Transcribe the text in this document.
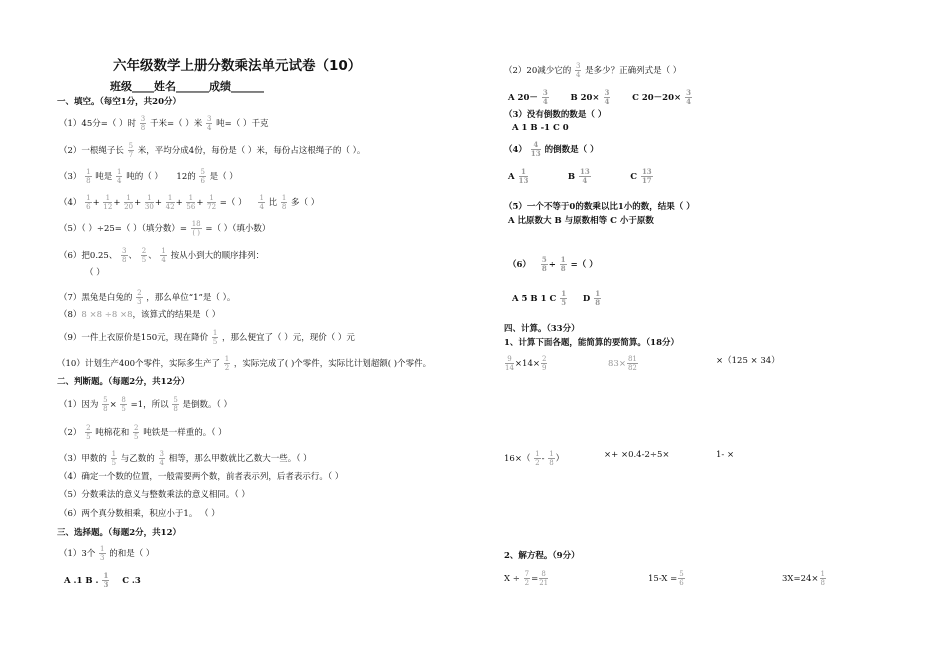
六年级数学上册分数乘法单元试卷（10）
班级____姓名______成绩______
一、填空。（每空1分，共20分）
（1）45分=（ ）时 $\frac{3}{8}$ 千米=（ ）米 $\frac{3}{4}$ 吨=（ ）千克
（2）一根绳子长 $\frac{5}{7}$ 米，平均分成4份，每份是（ ）米，每份占这根绳子的（ ）。
$(3) \frac{1}{8}$ 吨是 $\frac{1}{4}$ 吨的（ ） 12的 $\frac{5}{6}$ 是（ ）
$(4) \frac{1}{6} + \frac{1}{12} + \frac{1}{20} + \frac{1}{30} + \frac{1}{42} + \frac{1}{56} + \frac{1}{72}$ =（ ） $\frac{1}{4}$ 比 $\frac{1}{8}$ 多（ ）
（5）（ ）÷25=（ ）（填分数）= $\frac{18}{( )}$ =（ ）（填小数）
（6）把0.25、 $\frac{3}{8}$ 、 $\frac{2}{5}$ 、 $\frac{1}{4}$ 按从小到大的顺序排列：
（ ）
（7）黑兔是白兔的 $\frac{2}{3}$ ，那么单位“1”是（ ）。
（8）8 ×8 ÷8 ×8，该算式的结果是（ ）
（9）一件上衣原价是150元，现在降价 $\frac{1}{5}$ ，那么便宜了（ ）元，现价（ ）元
（10）计划生产400个零件，实际多生产了 $\frac{1}{2}$ ，实际完成了( )个零件，实际比计划超额( )个零件。
二、判断题。（每题2分，共12分）
（1）因为 $\frac{5}{8} \times \frac{8}{5} =1$，所以 $\frac{5}{8}$ 是倒数。（ ）
$(2) \frac{2}{5}$ 吨棉花和 $\frac{2}{5}$ 吨铁是一样重的。（ ）
（3）甲数的 $\frac{1}{5}$ 与乙数的 $\frac{3}{4}$ 相等，那么甲数就比乙数大一些。（ ）
（4）确定一个数的位置，一般需要两个数，前者表示列，后者表示行。（ ）
（5）分数乘法的意义与整数乘法的意义相同。（ ）
（6）两个真分数相乘，积应小于1。 （ ）
三、选择题。（每题2分，共12）
（1）3个 $\frac{1}{3}$ 的和是（ ）
A .1 B . $\frac{1}{3}$ C .3
（2）20减少它的 $\frac{3}{4}$ 是多少？正确列式是（ ）
A $20- \frac{3}{4}$	B $20\times \frac{3}{4}$	C $20-20\times \frac{3}{4}$
（3）没有倒数的数是（ ）
A 1 B -1 C 0
$(4) \frac{4}{13}$ 的倒数是（ ）
A $\frac{1}{13}$	B $\frac{13}{4}$	C $\frac{13}{17}$
（5）一个不等于0的数乘以比1小的数，结果（ ）
A 比原数大 B 与原数相等 C 小于原数
$(6) \frac{5}{8} \div \frac{1}{8}$ =（ ）
A 5 B 1 C $\frac{1}{5}$ D $\frac{1}{8}$
四、计算。（33分）
1、计算下面各题，能简算的要简算。（18分）
$\frac{9}{14} \times 14\times \frac{2}{9}$	$83\times \frac{81}{82}$	×（125 × 34）
$16\times( \frac{1}{2} - \frac{1}{8}$ ）	×+ ×0.4-2÷5×	1- ×
2、解方程。（9分）
$X \div \frac{7}{2} = \frac{8}{21}$	$15-X = \frac{5}{6}$	$3X=24\times \frac{1}{8}$
